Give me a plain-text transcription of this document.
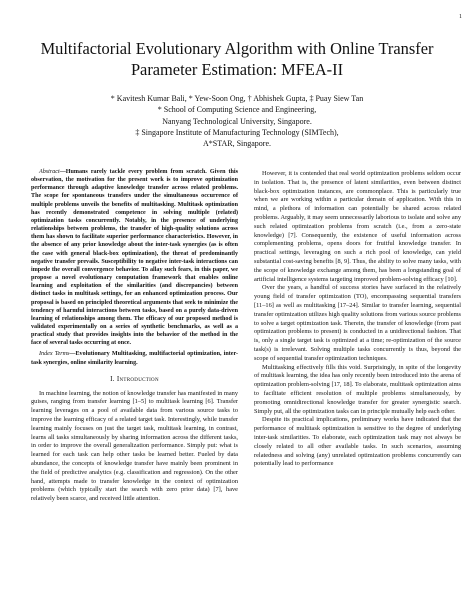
1
Multifactorial Evolutionary Algorithm with Online Transfer Parameter Estimation: MFEA-II
* Kavitesh Kumar Bali, * Yew-Soon Ong, † Abhishek Gupta, ‡ Puay Siew Tan
* School of Computing Science and Engineering,
Nanyang Technological University, Singapore.
‡ Singapore Institute of Manufacturing Technology (SIMTech),
A*STAR, Singapore.

Abstract—Humans rarely tackle every problem from scratch. Given this observation, the motivation for the present work is to improve optimization performance through adaptive knowledge transfer across related problems. The scope for spontaneous transfers under the simultaneous occurrence of multiple problems unveils the benefits of multitasking. Multitask optimization has recently demonstrated competence in solving multiple (related) optimization tasks concurrently. Notably, in the presence of underlying relationships between problems, the transfer of high-quality solutions across them has shown to facilitate superior performance characteristics. However, in the absence of any prior knowledge about the inter-task synergies (as is often the case with general black-box optimization), the threat of predominantly negative transfer prevails. Susceptibility to negative inter-task interactions can impede the overall convergence behavior. To allay such fears, in this paper, we propose a novel evolutionary computation framework that enables online learning and exploitation of the similarities (and discrepancies) between distinct tasks in multitask settings, for an enhanced optimization process. Our proposal is based on principled theoretical arguments that seek to minimize the tendency of harmful interactions between tasks, based on a purely data-driven learning of relationships among them. The efficacy of our proposed method is validated experimentally on a series of synthetic benchmarks, as well as a practical study that provides insights into the behavior of the method in the face of several tasks occurring at once.

Index Terms—Evolutionary Multitasking, multifactorial optimization, inter-task synergies, online similarity learning.

I. Introduction

In machine learning, the notion of knowledge transfer has manifested in many guises, ranging from transfer learning [1–5] to multitask learning [6]. Transfer learning leverages on a pool of available data from various source tasks to improve the learning efficacy of a related target task. Interestingly, while transfer learning mainly focuses on just the target task, multitask learning, in contrast, learns all tasks simultaneously by sharing information across the different tasks, in order to improve the overall generalization performance. Simply put: what is learned for each task can help other tasks be learned better. Fueled by data abundance, the concepts of knowledge transfer have mainly been prominent in the field of predictive analytics (e.g. classification and regression). On the other hand, attempts made to transfer knowledge in the context of optimization problems (which typically start the search with zero prior data) [7], have relatively been scarce, and received little attention.

However, it is contended that real world optimization problems seldom occur in isolation. That is, the presence of latent similarities, even between distinct black-box optimization instances, are commonplace. This is particularly true when we are working within a particular domain of application. With this in mind, a plethora of information can potentially be shared across related problems. Arguably, it may seem unnecessarily laborious to isolate and solve any such related optimization problems from scratch (i.e., from a zero-state knowledge) [7]. Consequently, the existence of useful information across complementing problems, opens doors for fruitful knowledge transfer. In practical settings, leveraging on such a rich pool of knowledge, can yield substantial cost-saving benefits [8, 9]. Thus, the ability to solve many tasks, with the scope of knowledge exchange among them, has been a longstanding goal of artificial intelligence systems targeting improved problem-solving efficacy [10].

Over the years, a handful of success stories have surfaced in the relatively young field of transfer optimization (TO), encompassing sequential transfers [11–16] as well as multitasking [17–24]. Similar to transfer learning, sequential transfer optimization utilizes high quality solutions from various source problems to solve a target optimization task. Therein, the transfer of knowledge (from past optimization problems to present) is conducted in a unidirectional fashion. That is, only a single target task is optimized at a time; re-optimization of the source task(s) is irrelevant. Solving multiple tasks concurrently is thus, beyond the scope of sequential transfer optimization techniques.

Multitasking effectively fills this void. Surprisingly, in spite of the longevity of multitask learning, the idea has only recently been introduced into the arena of optimization problem-solving [17, 18]. To elaborate, multitask optimization aims to facilitate efficient resolution of multiple problems simultaneously, by promoting omnidirectional knowledge transfer for greater synergistic search. Simply put, all the optimization tasks can in principle mutually help each other.

Despite its practical implications, preliminary works have indicated that the performance of multitask optimization is sensitive to the degree of underlying inter-task similarities. To elaborate, each optimization task may not always be closely related to all other available tasks. In such scenarios, assuming relatedness and solving (any) unrelated optimization problems concurrently can potentially lead to performance
